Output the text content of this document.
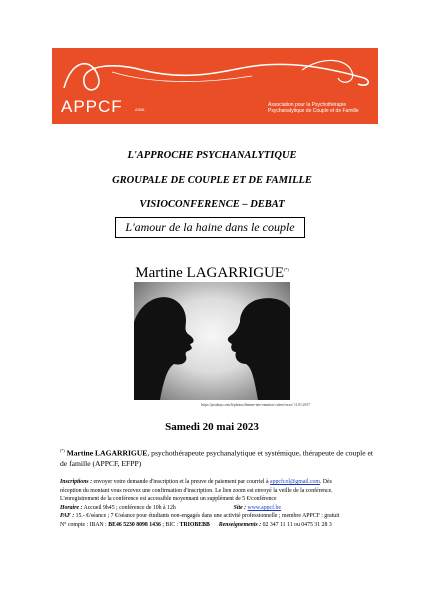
APPCF	ASBL
Association pour la Psychothérapie
Psychanalytique de Couple et de Famille
L'APPROCHE PSYCHANALYTIQUE
GROUPALE DE COUPLE ET DE FAMILLE
VISIOCONFERENCE – DEBAT
L'amour de la haine dans le couple
Martine LAGARRIGUE(*)
https://pixabay.com/fr/photos/femme-tete-emotion-colere/xxxx/ 11.01.2017
Samedi 20 mai 2023
(*) Martine LAGARRIGUE, psychothérapeute psychanalytique et systémique, thérapeute de couple et de famille (APPCF, EFPP)
Inscriptions : envoyer votre demande d'inscription et la preuve de paiement par courriel à appcfcol@gmail.com. Dès
réception du montant vous recevez une confirmation d'inscription. Le lien zoom est envoyé la veille de la conférence.
L'enregistrement de la conférence est accessible moyennant un supplément de 5 €/conférence
Horaire : Accueil 9h45 ; conférence de 10h à 12h	Site : www.appcf.be
PAF : 15.- €/séance ; 7 €/séance pour étudiants non-engagés dans une activité professionnelle ; membre APPCF : gratuit
N° compte : IBAN : BE46 5230 8098 1436 ; BIC : TRIOBEBB Renseignements : 02 347 11 11 ou 0475 31 28 3
